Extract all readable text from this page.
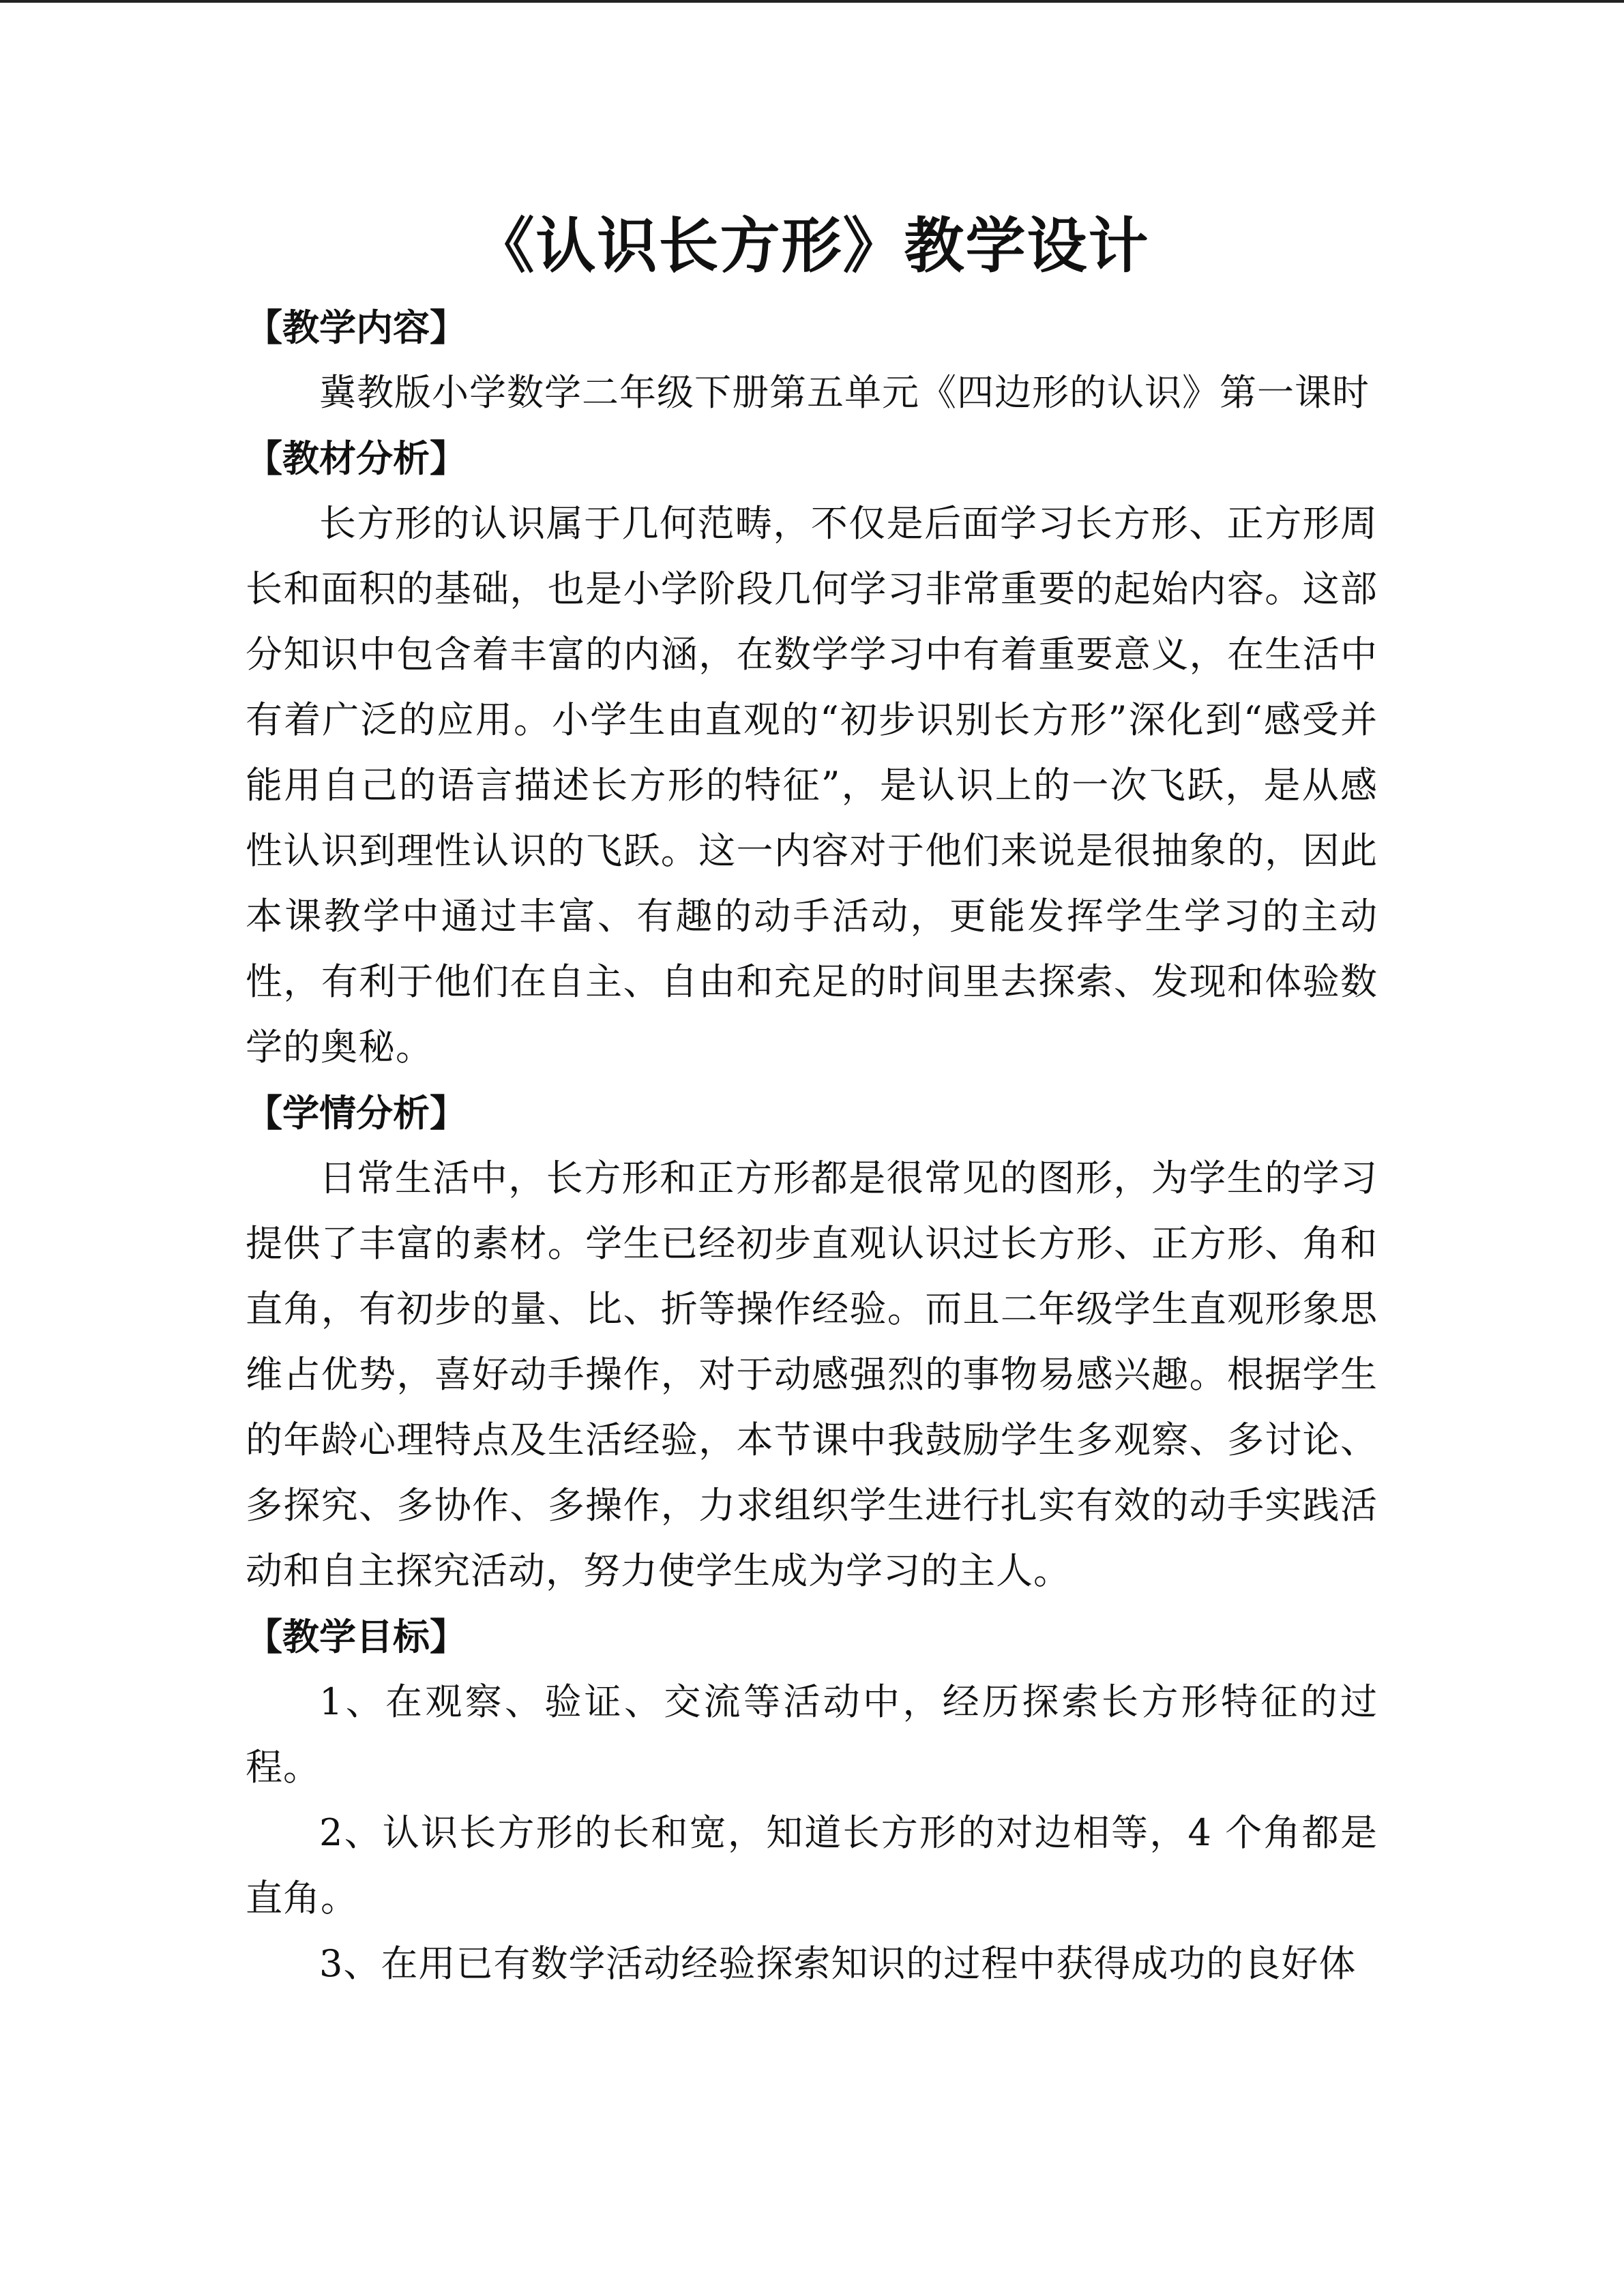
《认识长方形》教学设计
【教学内容】

冀教版小学数学二年级下册第五单元《四边形的认识》第一课时

【教材分析】

长方形的认识属于几何范畴，不仅是后面学习长方形、正方形周长和面积的基础，也是小学阶段几何学习非常重要的起始内容。这部分知识中包含着丰富的内涵，在数学学习中有着重要意义，在生活中有着广泛的应用。小学生由直观的“初步识别长方形”深化到“感受并能用自己的语言描述长方形的特征”，是认识上的一次飞跃，是从感性认识到理性认识的飞跃。这一内容对于他们来说是很抽象的，因此本课教学中通过丰富、有趣的动手活动，更能发挥学生学习的主动性，有利于他们在自主、自由和充足的时间里去探索、发现和体验数学的奥秘。

【学情分析】

日常生活中，长方形和正方形都是很常见的图形，为学生的学习提供了丰富的素材。学生已经初步直观认识过长方形、正方形、角和直角，有初步的量、比、折等操作经验。而且二年级学生直观形象思维占优势，喜好动手操作，对于动感强烈的事物易感兴趣。根据学生的年龄心理特点及生活经验，本节课中我鼓励学生多观察、多讨论、多探究、多协作、多操作，力求组织学生进行扎实有效的动手实践活动和自主探究活动，努力使学生成为学习的主人。

【教学目标】

1、在观察、验证、交流等活动中，经历探索长方形特征的过程。

2、认识长方形的长和宽，知道长方形的对边相等，4 个角都是直角。

3、在用已有数学活动经验探索知识的过程中获得成功的良好体
